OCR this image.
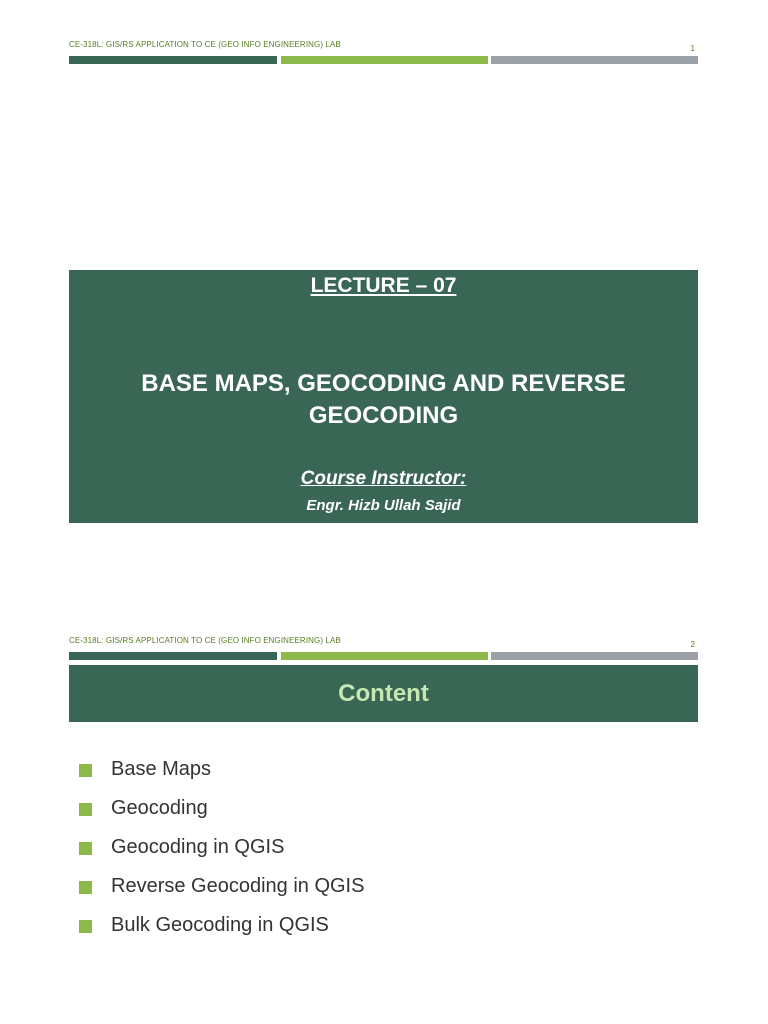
CE-318L: GIS/RS APPLICATION TO CE (GEO INFO ENGINEERING) LAB	1
LECTURE – 07
BASE MAPS, GEOCODING AND REVERSE GEOCODING
Course Instructor:
Engr. Hizb Ullah Sajid
CE-318L: GIS/RS APPLICATION TO CE (GEO INFO ENGINEERING) LAB	2
Content
Base Maps
Geocoding
Geocoding in QGIS
Reverse Geocoding in QGIS
Bulk Geocoding in QGIS
